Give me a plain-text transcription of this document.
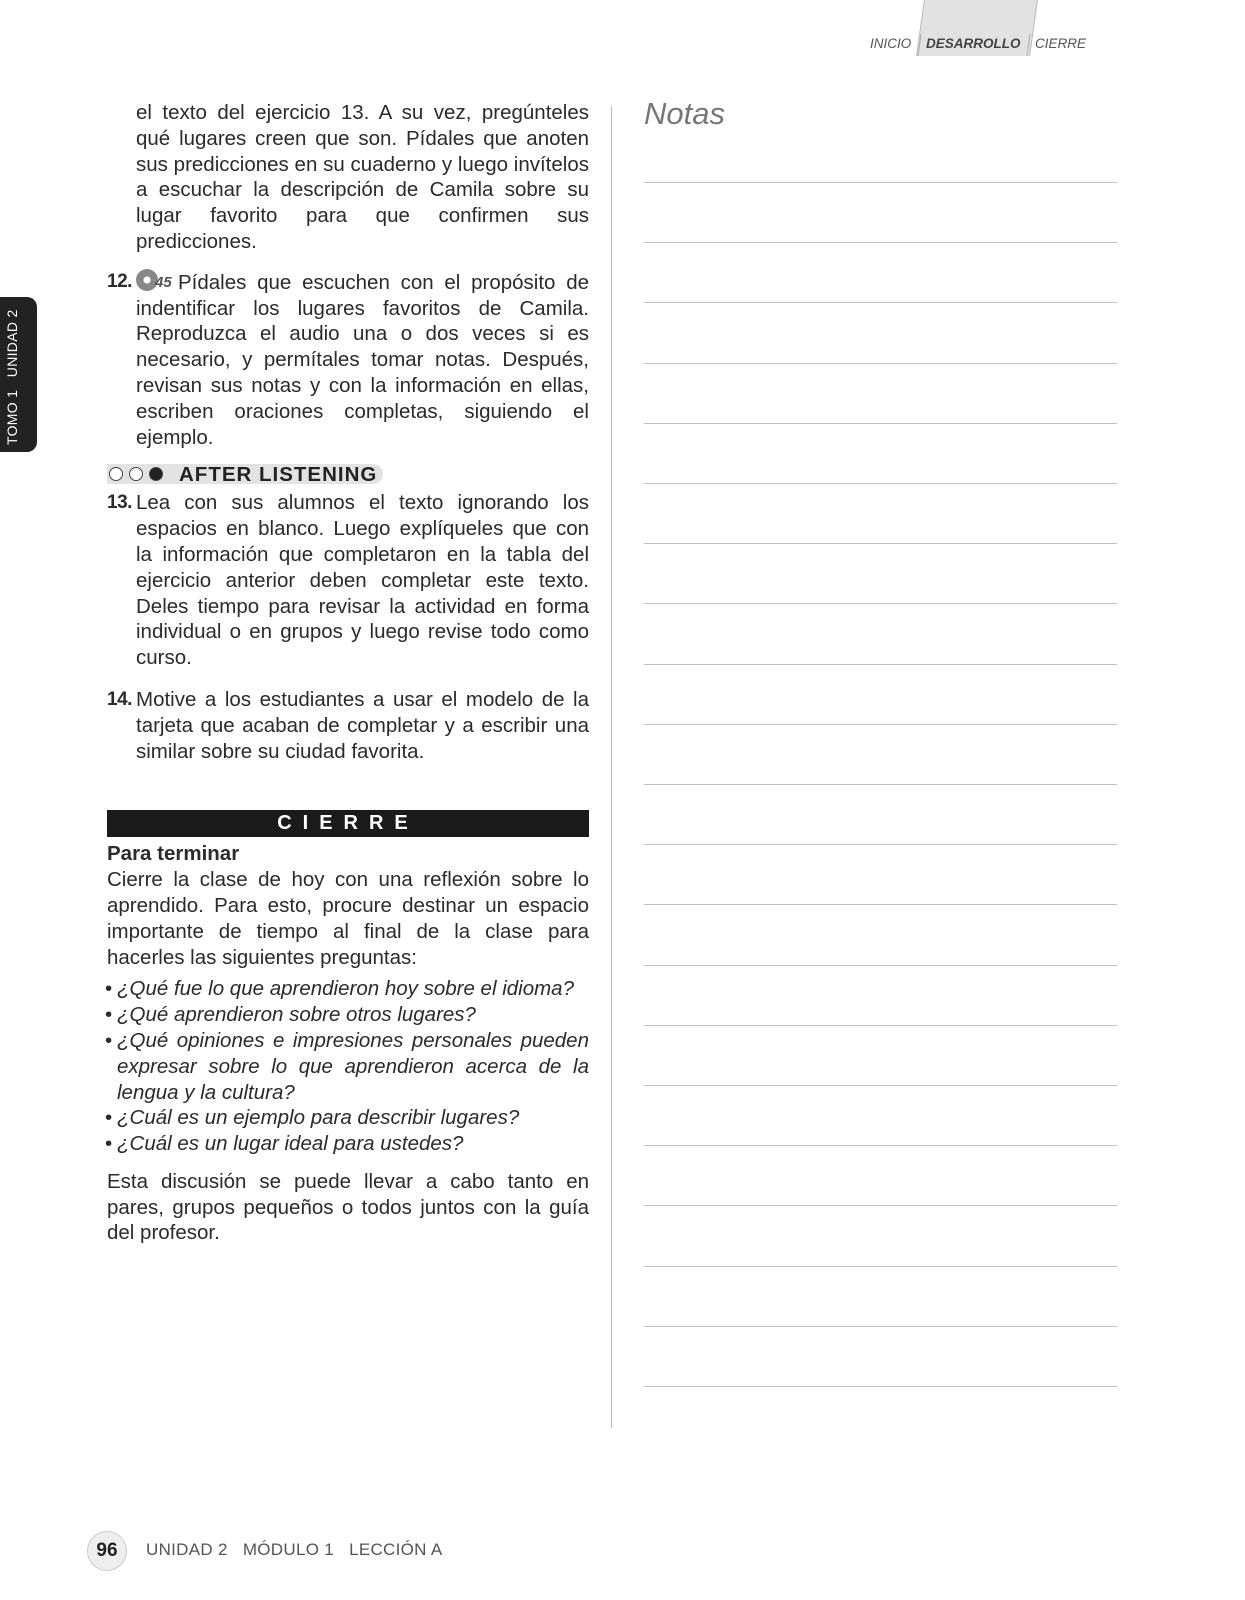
INICIO DESARROLLO CIERRE
TOMO 1   UNIDAD 2

el texto del ejercicio 13. A su vez, pregúnteles qué lugares creen que son. Pídales que anoten sus predicciones en su cuaderno y luego invítelos a escuchar la descripción de Camila sobre su lugar favorito para que confirmen sus predicciones.

12. 45 Pídales que escuchen con el propósito de indentificar los lugares favoritos de Camila. Reproduzca el audio una o dos veces si es necesario, y permítales tomar notas. Después, revisan sus notas y con la información en ellas, escriben oraciones completas, siguiendo el ejemplo.
AFTER LISTENING
13. Lea con sus alumnos el texto ignorando los espacios en blanco. Luego explíqueles que con la información que completaron en la tabla del ejercicio anterior deben completar este texto. Deles tiempo para revisar la actividad en forma individual o en grupos y luego revise todo como curso.
14. Motive a los estudiantes a usar el modelo de la tarjeta que acaban de completar y a escribir una similar sobre su ciudad favorita.
CIERRE
Para terminar

Cierre la clase de hoy con una reflexión sobre lo aprendido. Para esto, procure destinar un espacio importante de tiempo al final de la clase para hacerles las siguientes preguntas:

• ¿Qué fue lo que aprendieron hoy sobre el idioma?
• ¿Qué aprendieron sobre otros lugares?
• ¿Qué opiniones e impresiones personales pueden expresar sobre lo que aprendieron acerca de la lengua y la cultura?
• ¿Cuál es un ejemplo para describir lugares?
• ¿Cuál es un lugar ideal para ustedes?

Esta discusión se puede llevar a cabo tanto en pares, grupos pequeños o todos juntos con la guía del profesor.

Notas
96	UNIDAD 2   MÓDULO 1   LECCIÓN A
